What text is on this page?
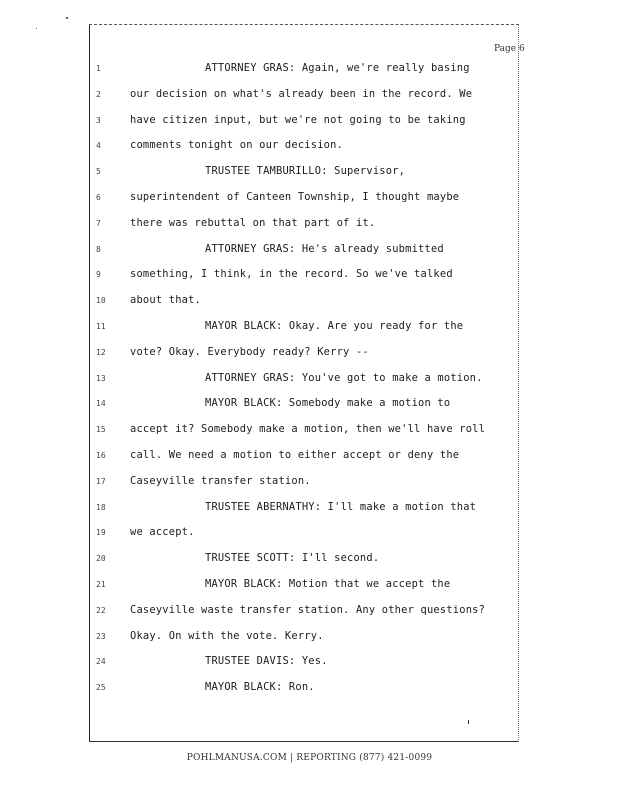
Page 6
1	ATTORNEY GRAS: Again, we're really basing
2	our decision on what's already been in the record. We
3	have citizen input, but we're not going to be taking
4	comments tonight on our decision.
5	TRUSTEE TAMBURILLO: Supervisor,
6	superintendent of Canteen Township, I thought maybe
7	there was rebuttal on that part of it.
8	ATTORNEY GRAS: He's already submitted
9	something, I think, in the record. So we've talked
10	about that.
11	MAYOR BLACK: Okay. Are you ready for the
12	vote? Okay. Everybody ready? Kerry --
13	ATTORNEY GRAS: You've got to make a motion.
14	MAYOR BLACK: Somebody make a motion to
15	accept it? Somebody make a motion, then we'll have roll
16	call. We need a motion to either accept or deny the
17	Caseyville transfer station.
18	TRUSTEE ABERNATHY: I'll make a motion that
19	we accept.
20	TRUSTEE SCOTT: I'll second.
21	MAYOR BLACK: Motion that we accept the
22	Caseyville waste transfer station. Any other questions?
23	Okay. On with the vote. Kerry.
24	TRUSTEE DAVIS: Yes.
25	MAYOR BLACK: Ron.
POHLMANUSA.COM | REPORTING (877) 421-0099
